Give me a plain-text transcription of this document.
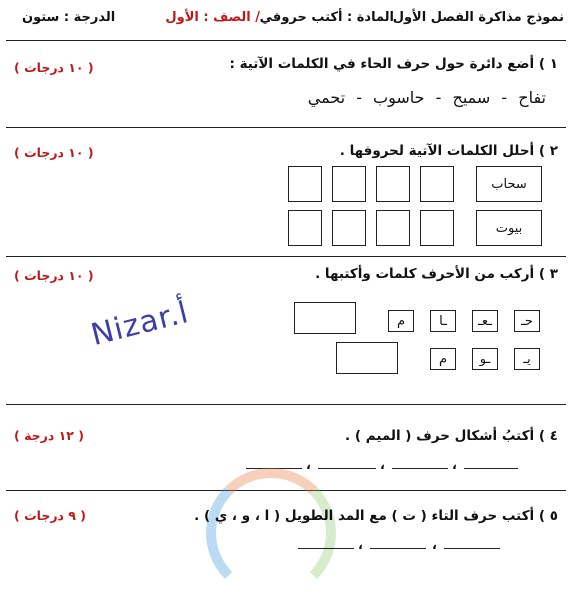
نموذج مذاكرة الفصل الأول
المادة : أكتب حروفي
/ الصف : الأول
الدرجة : ستون
١ ) أضع دائرة حول حرف الحاء في الكلمات الآتية :
( ١٠ درجات )
تفاح - سميح - حاسوب - تحمي
٢ ) أحلل الكلمات الآتية لحروفها .
( ١٠ درجات )
سحاب
بيوت
٣ ) أركب من الأحرف كلمات وأكتبها .
( ١٠ درجات )
حـ
ـعـ
ـا
م
يـ
ـو
م
Nizar.أ
٤ ) أكتبُ أشكال حرف ( الميم ) .
( ١٢ درجة )
،
،
،
٥ ) أكتب حرف التاء ( ت ) مع المد الطويل ( ا ، و ، ي ) .
( ٩ درجات )
،
،
